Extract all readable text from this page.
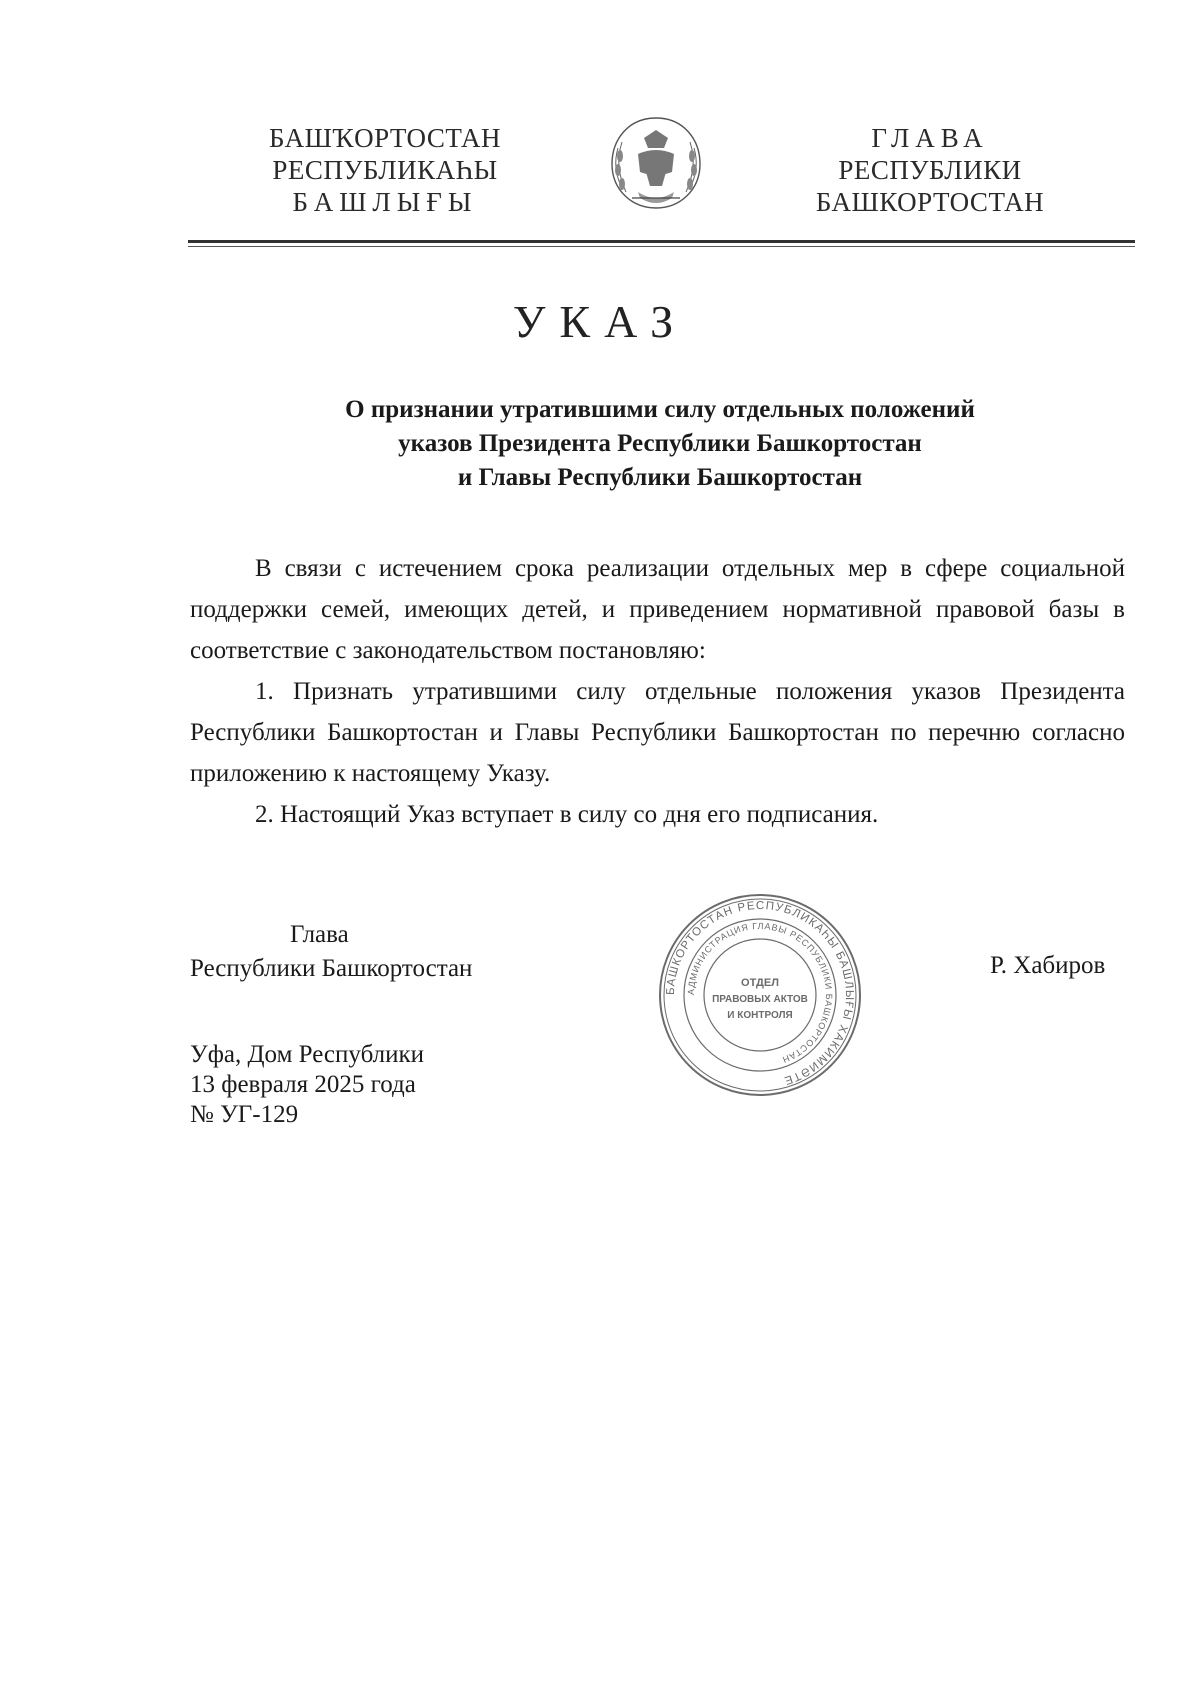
БАШҠОРТОСТАН
РЕСПУБЛИКАҺЫ
БАШЛЫҒЫ
ГЛАВА
РЕСПУБЛИКИ
БАШКОРТОСТАН
УКАЗ
О признании утратившими силу отдельных положений
указов Президента Республики Башкортостан
и Главы Республики Башкортостан

В связи с истечением срока реализации отдельных мер в сфере социальной поддержки семей, имеющих детей, и приведением нормативной правовой базы в соответствие с законодательством постановляю:

1. Признать утратившими силу отдельные положения указов Президента Республики Башкортостан и Главы Республики Башкортостан по перечню согласно приложению к настоящему Указу.

2. Настоящий Указ вступает в силу со дня его подписания.

Глава
Республики Башкортостан
БАШКОРТОСТАН РЕСПУБЛИКАҺЫ БАШЛЫҒЫ ХАКИМИӘТЕ
АДМИНИСТРАЦИЯ ГЛАВЫ РЕСПУБЛИКИ БАШКОРТОСТАН
ОТДЕЛ
ПРАВОВЫХ АКТОВ
И КОНТРОЛЯ
Р. Хабиров
Уфа, Дом Республики
13 февраля 2025 года
№ УГ-129
